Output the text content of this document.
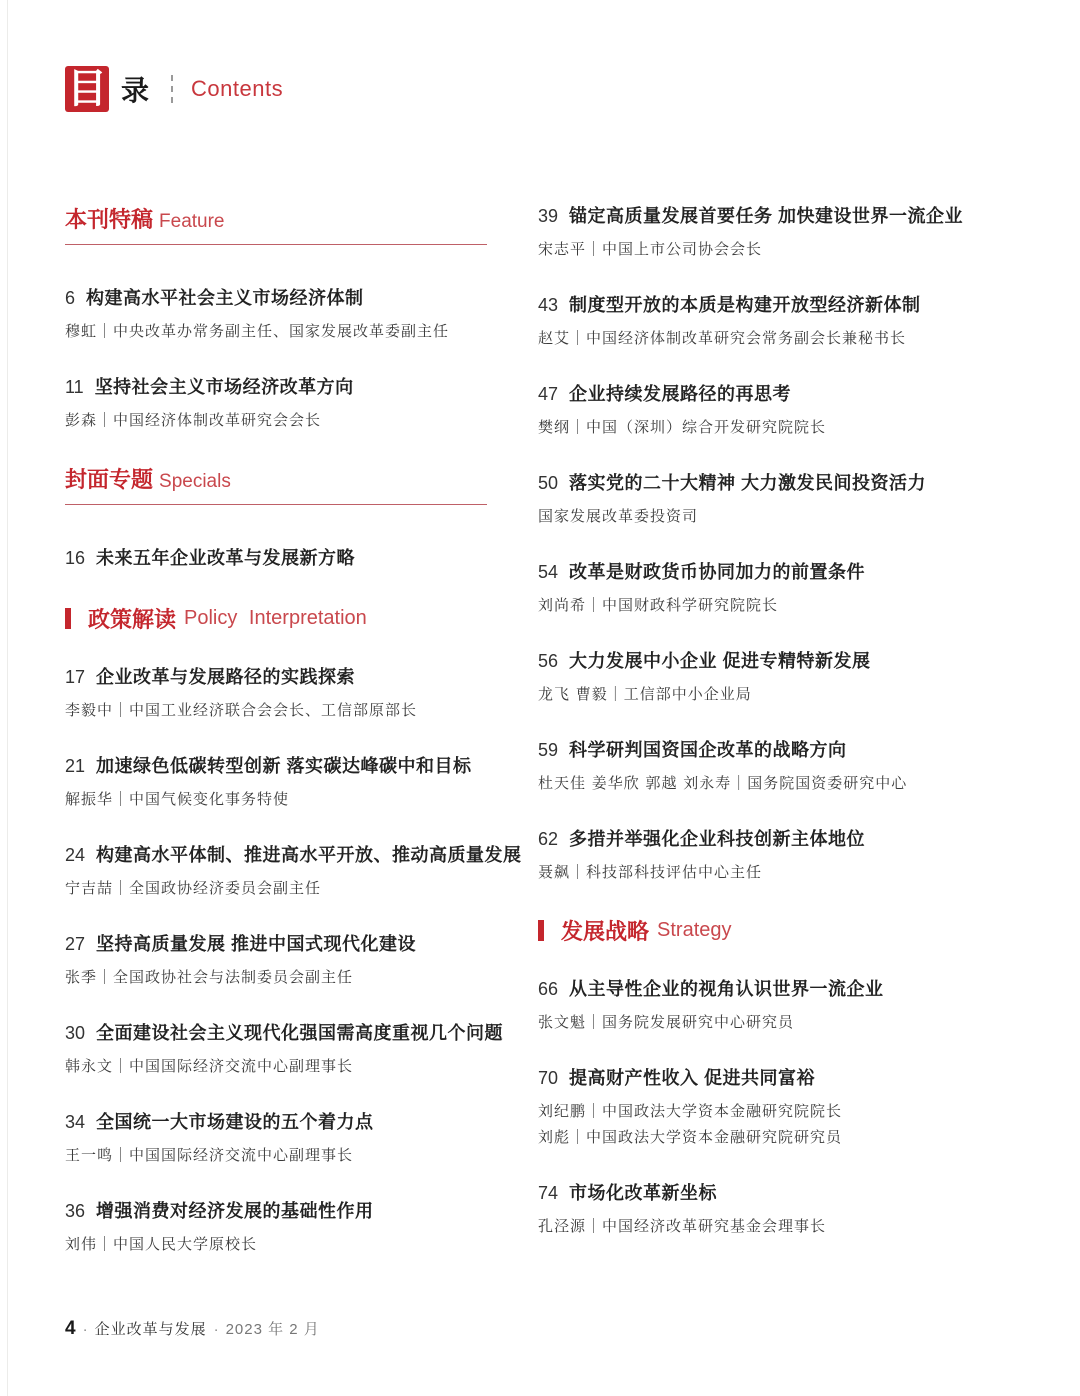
目 录 Contents
本刊特稿 Feature
6 构建高水平社会主义市场经济体制
穆虹｜中央改革办常务副主任、国家发展改革委副主任
11 坚持社会主义市场经济改革方向
彭森｜中国经济体制改革研究会会长
封面专题 Specials
16 未来五年企业改革与发展新方略
政策解读 Policy Interpretation
17 企业改革与发展路径的实践探索
李毅中｜中国工业经济联合会会长、工信部原部长
21 加速绿色低碳转型创新 落实碳达峰碳中和目标
解振华｜中国气候变化事务特使
24 构建高水平体制、推进高水平开放、推动高质量发展
宁吉喆｜全国政协经济委员会副主任
27 坚持高质量发展 推进中国式现代化建设
张季｜全国政协社会与法制委员会副主任
30 全面建设社会主义现代化强国需高度重视几个问题
韩永文｜中国国际经济交流中心副理事长
34 全国统一大市场建设的五个着力点
王一鸣｜中国国际经济交流中心副理事长
36 增强消费对经济发展的基础性作用
刘伟｜中国人民大学原校长
39 锚定高质量发展首要任务 加快建设世界一流企业
宋志平｜中国上市公司协会会长
43 制度型开放的本质是构建开放型经济新体制
赵艾｜中国经济体制改革研究会常务副会长兼秘书长
47 企业持续发展路径的再思考
樊纲｜中国（深圳）综合开发研究院院长
50 落实党的二十大精神 大力激发民间投资活力
国家发展改革委投资司
54 改革是财政货币协同加力的前置条件
刘尚希｜中国财政科学研究院院长
56 大力发展中小企业 促进专精特新发展
龙飞 曹毅｜工信部中小企业局
59 科学研判国资国企改革的战略方向
杜天佳 姜华欣 郭越 刘永寿｜国务院国资委研究中心
62 多措并举强化企业科技创新主体地位
聂飙｜科技部科技评估中心主任
发展战略 Strategy
66 从主导性企业的视角认识世界一流企业
张文魁｜国务院发展研究中心研究员
70 提高财产性收入 促进共同富裕
刘纪鹏｜中国政法大学资本金融研究院院长
刘彪｜中国政法大学资本金融研究院研究员
74 市场化改革新坐标
孔泾源｜中国经济改革研究基金会理事长
4 · 企业改革与发展 · 2023 年 2 月
